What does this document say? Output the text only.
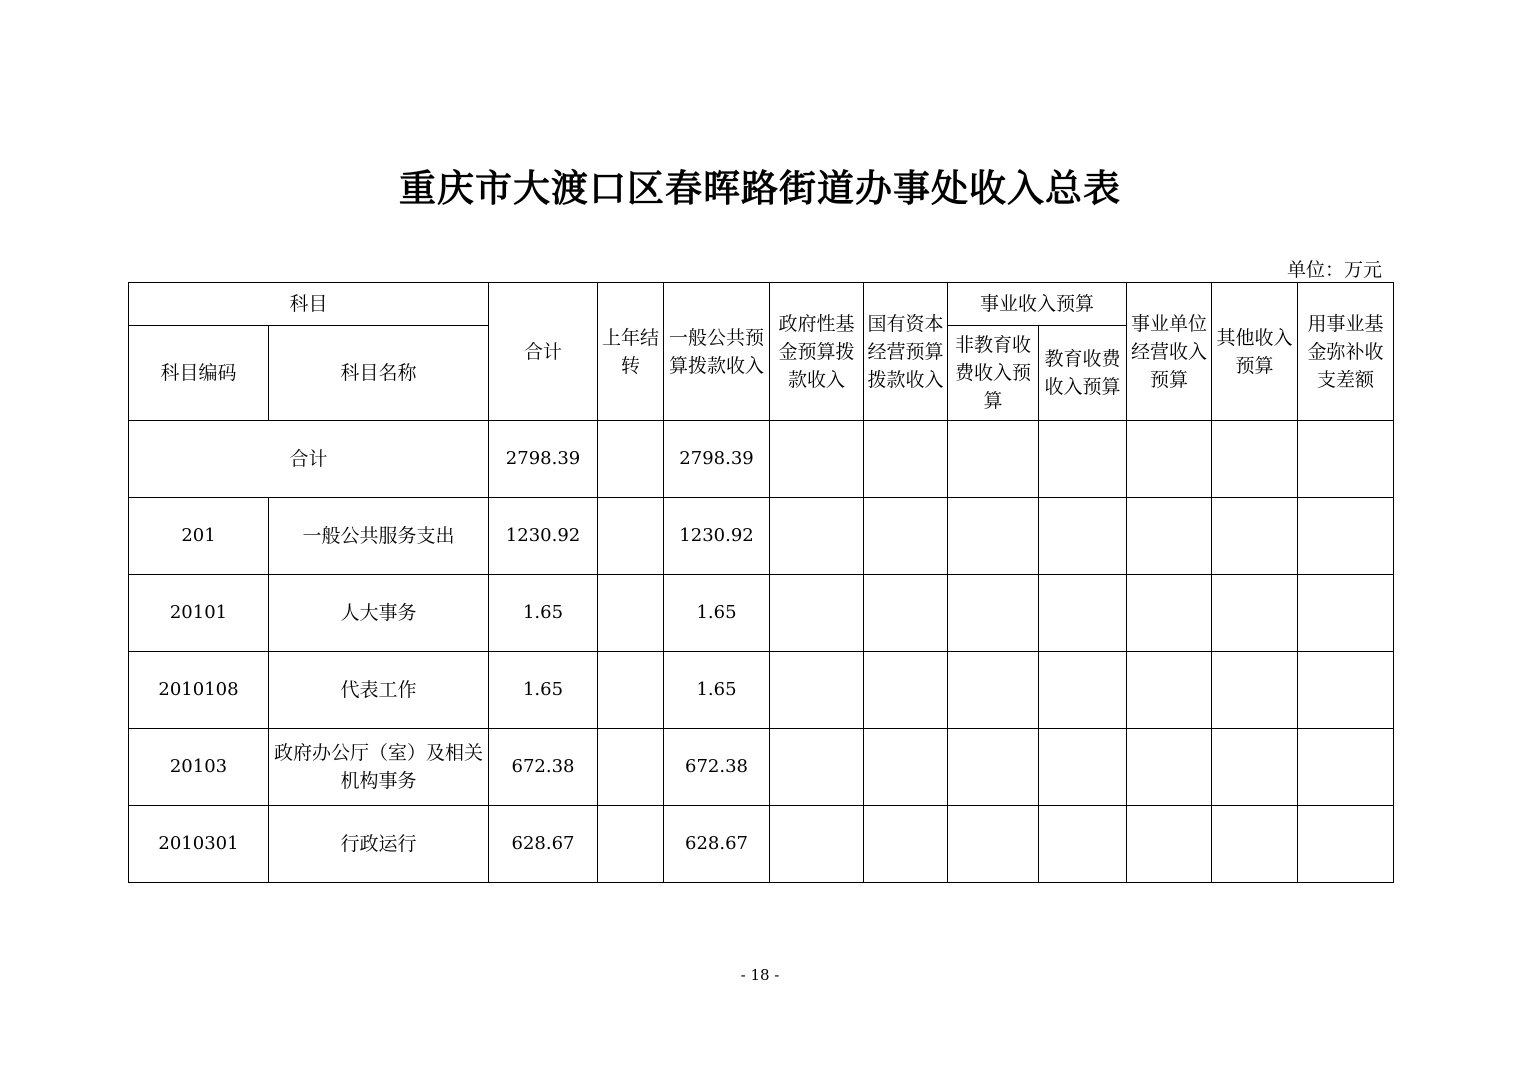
重庆市大渡口区春晖路街道办事处收入总表
单位：万元
科目		合计	上年结转	一般公共预算拨款收入	政府性基金预算拨款收入	国有资本经营预算拨款收入	事业收入预算		事业单位经营收入预算	其他收入预算	用事业基金弥补收支差额
科目编码	科目名称						非教育收费收入预算	教育收费收入预算			
合计		2798.39		2798.39							
201	一般公共服务支出	1230.92		1230.92							
20101	人大事务	1.65		1.65							
2010108	代表工作	1.65		1.65							
20103	政府办公厅（室）及相关机构事务	672.38		672.38							
2010301	行政运行	628.67		628.67							
- 18 -
